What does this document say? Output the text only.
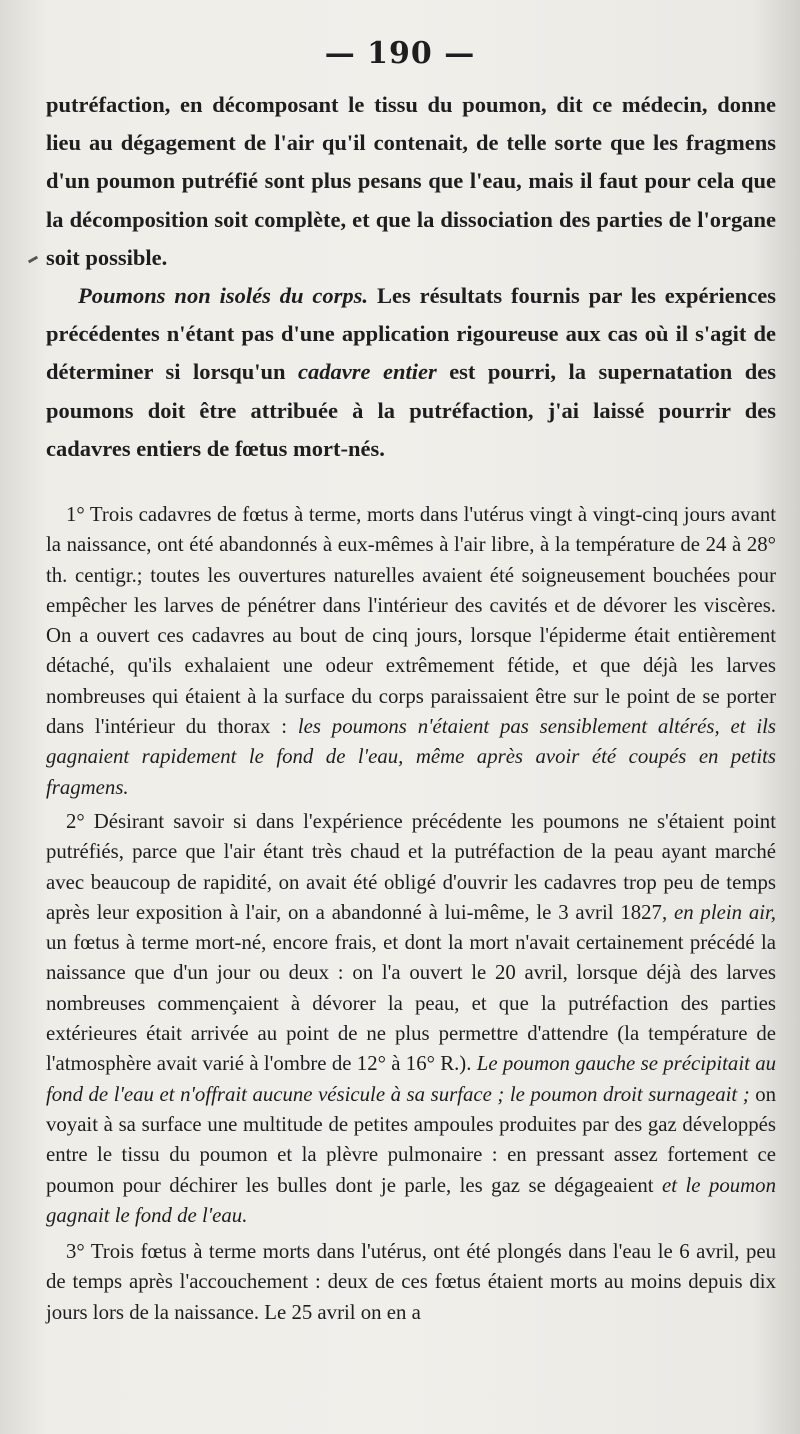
— 190 —

putréfaction, en décomposant le tissu du poumon, dit ce médecin, donne lieu au dégagement de l'air qu'il contenait, de telle sorte que les fragmens d'un poumon putréfié sont plus pesans que l'eau, mais il faut pour cela que la décomposition soit complète, et que la dissociation des parties de l'organe soit possible.

Poumons non isolés du corps. Les résultats fournis par les expériences précédentes n'étant pas d'une application rigoureuse aux cas où il s'agit de déterminer si lorsqu'un cadavre entier est pourri, la supernatation des poumons doit être attribuée à la putréfaction, j'ai laissé pourrir des cadavres entiers de fœtus mort-nés.

1° Trois cadavres de fœtus à terme, morts dans l'utérus vingt à vingt-cinq jours avant la naissance, ont été abandonnés à eux-mêmes à l'air libre, à la température de 24 à 28° th. centigr.; toutes les ouvertures naturelles avaient été soigneusement bouchées pour empêcher les larves de pénétrer dans l'intérieur des cavités et de dévorer les viscères. On a ouvert ces cadavres au bout de cinq jours, lorsque l'épiderme était entièrement détaché, qu'ils exhalaient une odeur extrêmement fétide, et que déjà les larves nombreuses qui étaient à la surface du corps paraissaient être sur le point de se porter dans l'intérieur du thorax : les poumons n'étaient pas sensiblement altérés, et ils gagnaient rapidement le fond de l'eau, même après avoir été coupés en petits fragmens.

2° Désirant savoir si dans l'expérience précédente les poumons ne s'étaient point putréfiés, parce que l'air étant très chaud et la putréfaction de la peau ayant marché avec beaucoup de rapidité, on avait été obligé d'ouvrir les cadavres trop peu de temps après leur exposition à l'air, on a abandonné à lui-même, le 3 avril 1827, en plein air, un fœtus à terme mort-né, encore frais, et dont la mort n'avait certainement précédé la naissance que d'un jour ou deux : on l'a ouvert le 20 avril, lorsque déjà des larves nombreuses commençaient à dévorer la peau, et que la putréfaction des parties extérieures était arrivée au point de ne plus permettre d'attendre (la température de l'atmosphère avait varié à l'ombre de 12° à 16° R.). Le poumon gauche se précipitait au fond de l'eau et n'offrait aucune vésicule à sa surface ; le poumon droit surnageait ; on voyait à sa surface une multitude de petites ampoules produites par des gaz développés entre le tissu du poumon et la plèvre pulmonaire : en pressant assez fortement ce poumon pour déchirer les bulles dont je parle, les gaz se dégageaient et le poumon gagnait le fond de l'eau.

3° Trois fœtus à terme morts dans l'utérus, ont été plongés dans l'eau le 6 avril, peu de temps après l'accouchement : deux de ces fœtus étaient morts au moins depuis dix jours lors de la naissance. Le 25 avril on en a
